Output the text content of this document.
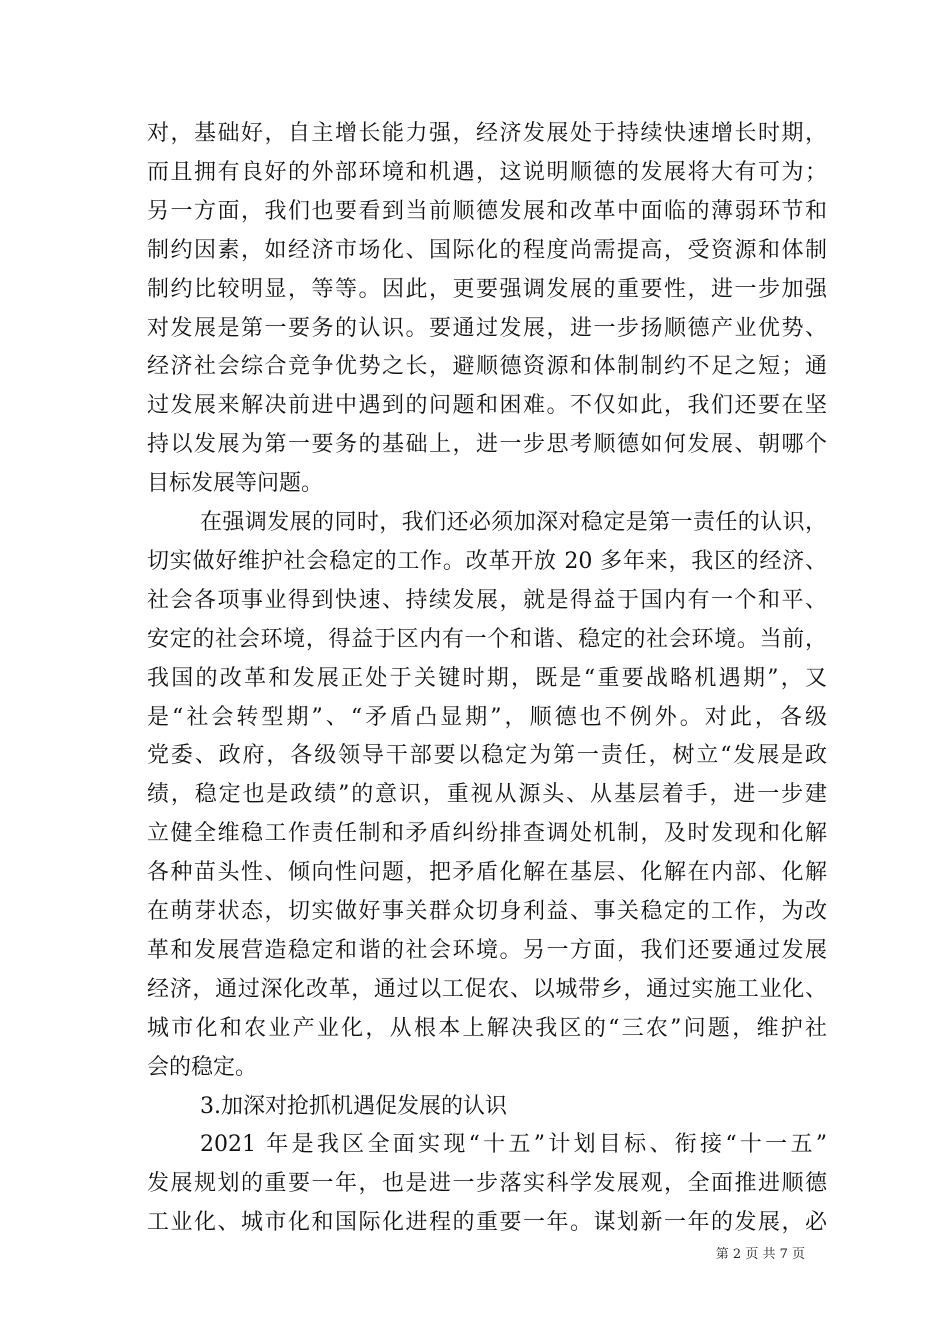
对，基础好，自主增长能力强，经济发展处于持续快速增长时期，
而且拥有良好的外部环境和机遇，这说明顺德的发展将大有可为；
另一方面，我们也要看到当前顺德发展和改革中面临的薄弱环节和
制约因素，如经济市场化、国际化的程度尚需提高，受资源和体制
制约比较明显，等等。因此，更要强调发展的重要性，进一步加强
对发展是第一要务的认识。要通过发展，进一步扬顺德产业优势、
经济社会综合竞争优势之长，避顺德资源和体制制约不足之短；通
过发展来解决前进中遇到的问题和困难。不仅如此，我们还要在坚
持以发展为第一要务的基础上，进一步思考顺德如何发展、朝哪个
目标发展等问题。
在强调发展的同时，我们还必须加深对稳定是第一责任的认识，
切实做好维护社会稳定的工作。改革开放 20 多年来，我区的经济、
社会各项事业得到快速、持续发展，就是得益于国内有一个和平、
安定的社会环境，得益于区内有一个和谐、稳定的社会环境。当前，
我国的改革和发展正处于关键时期，既是“重要战略机遇期”，又
是“社会转型期”、“矛盾凸显期”，顺德也不例外。对此，各级
党委、政府，各级领导干部要以稳定为第一责任，树立“发展是政
绩，稳定也是政绩”的意识，重视从源头、从基层着手，进一步建
立健全维稳工作责任制和矛盾纠纷排查调处机制，及时发现和化解
各种苗头性、倾向性问题，把矛盾化解在基层、化解在内部、化解
在萌芽状态，切实做好事关群众切身利益、事关稳定的工作，为改
革和发展营造稳定和谐的社会环境。另一方面，我们还要通过发展
经济，通过深化改革，通过以工促农、以城带乡，通过实施工业化、
城市化和农业产业化，从根本上解决我区的“三农”问题，维护社
会的稳定。
3.加深对抢抓机遇促发展的认识
2021 年是我区全面实现“十五”计划目标、衔接“十一五”
发展规划的重要一年，也是进一步落实科学发展观，全面推进顺德
工业化、城市化和国际化进程的重要一年。谋划新一年的发展，必
第 2 页 共 7 页
